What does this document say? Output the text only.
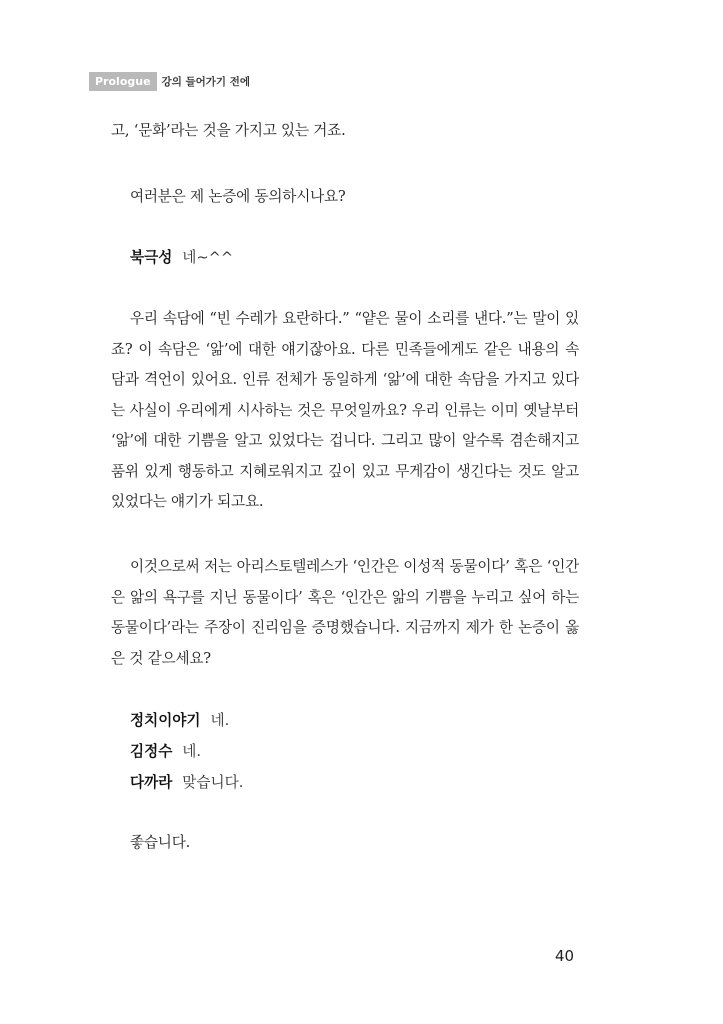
Prologue	강의 들어가기 전에

고, ‘문화’라는 것을 가지고 있는 거죠.

여러분은 제 논증에 동의하시나요?

북극성 네~^^

우리 속담에 “빈 수레가 요란하다.” “얕은 물이 소리를 낸다.”는 말이 있죠? 이 속담은 ‘앎’에 대한 얘기잖아요. 다른 민족들에게도 같은 내용의 속담과 격언이 있어요. 인류 전체가 동일하게 ‘앎’에 대한 속담을 가지고 있다는 사실이 우리에게 시사하는 것은 무엇일까요? 우리 인류는 이미 옛날부터 ‘앎’에 대한 기쁨을 알고 있었다는 겁니다. 그리고 많이 알수록 겸손해지고 품위 있게 행동하고 지혜로워지고 깊이 있고 무게감이 생긴다는 것도 알고 있었다는 얘기가 되고요.

이것으로써 저는 아리스토텔레스가 ‘인간은 이성적 동물이다’ 혹은 ‘인간은 앎의 욕구를 지닌 동물이다’ 혹은 ‘인간은 앎의 기쁨을 누리고 싶어 하는 동물이다’라는 주장이 진리임을 증명했습니다. 지금까지 제가 한 논증이 옳은 것 같으세요?

정치이야기 네.
김정수 네.
다까라 맞습니다.

좋습니다.

40
